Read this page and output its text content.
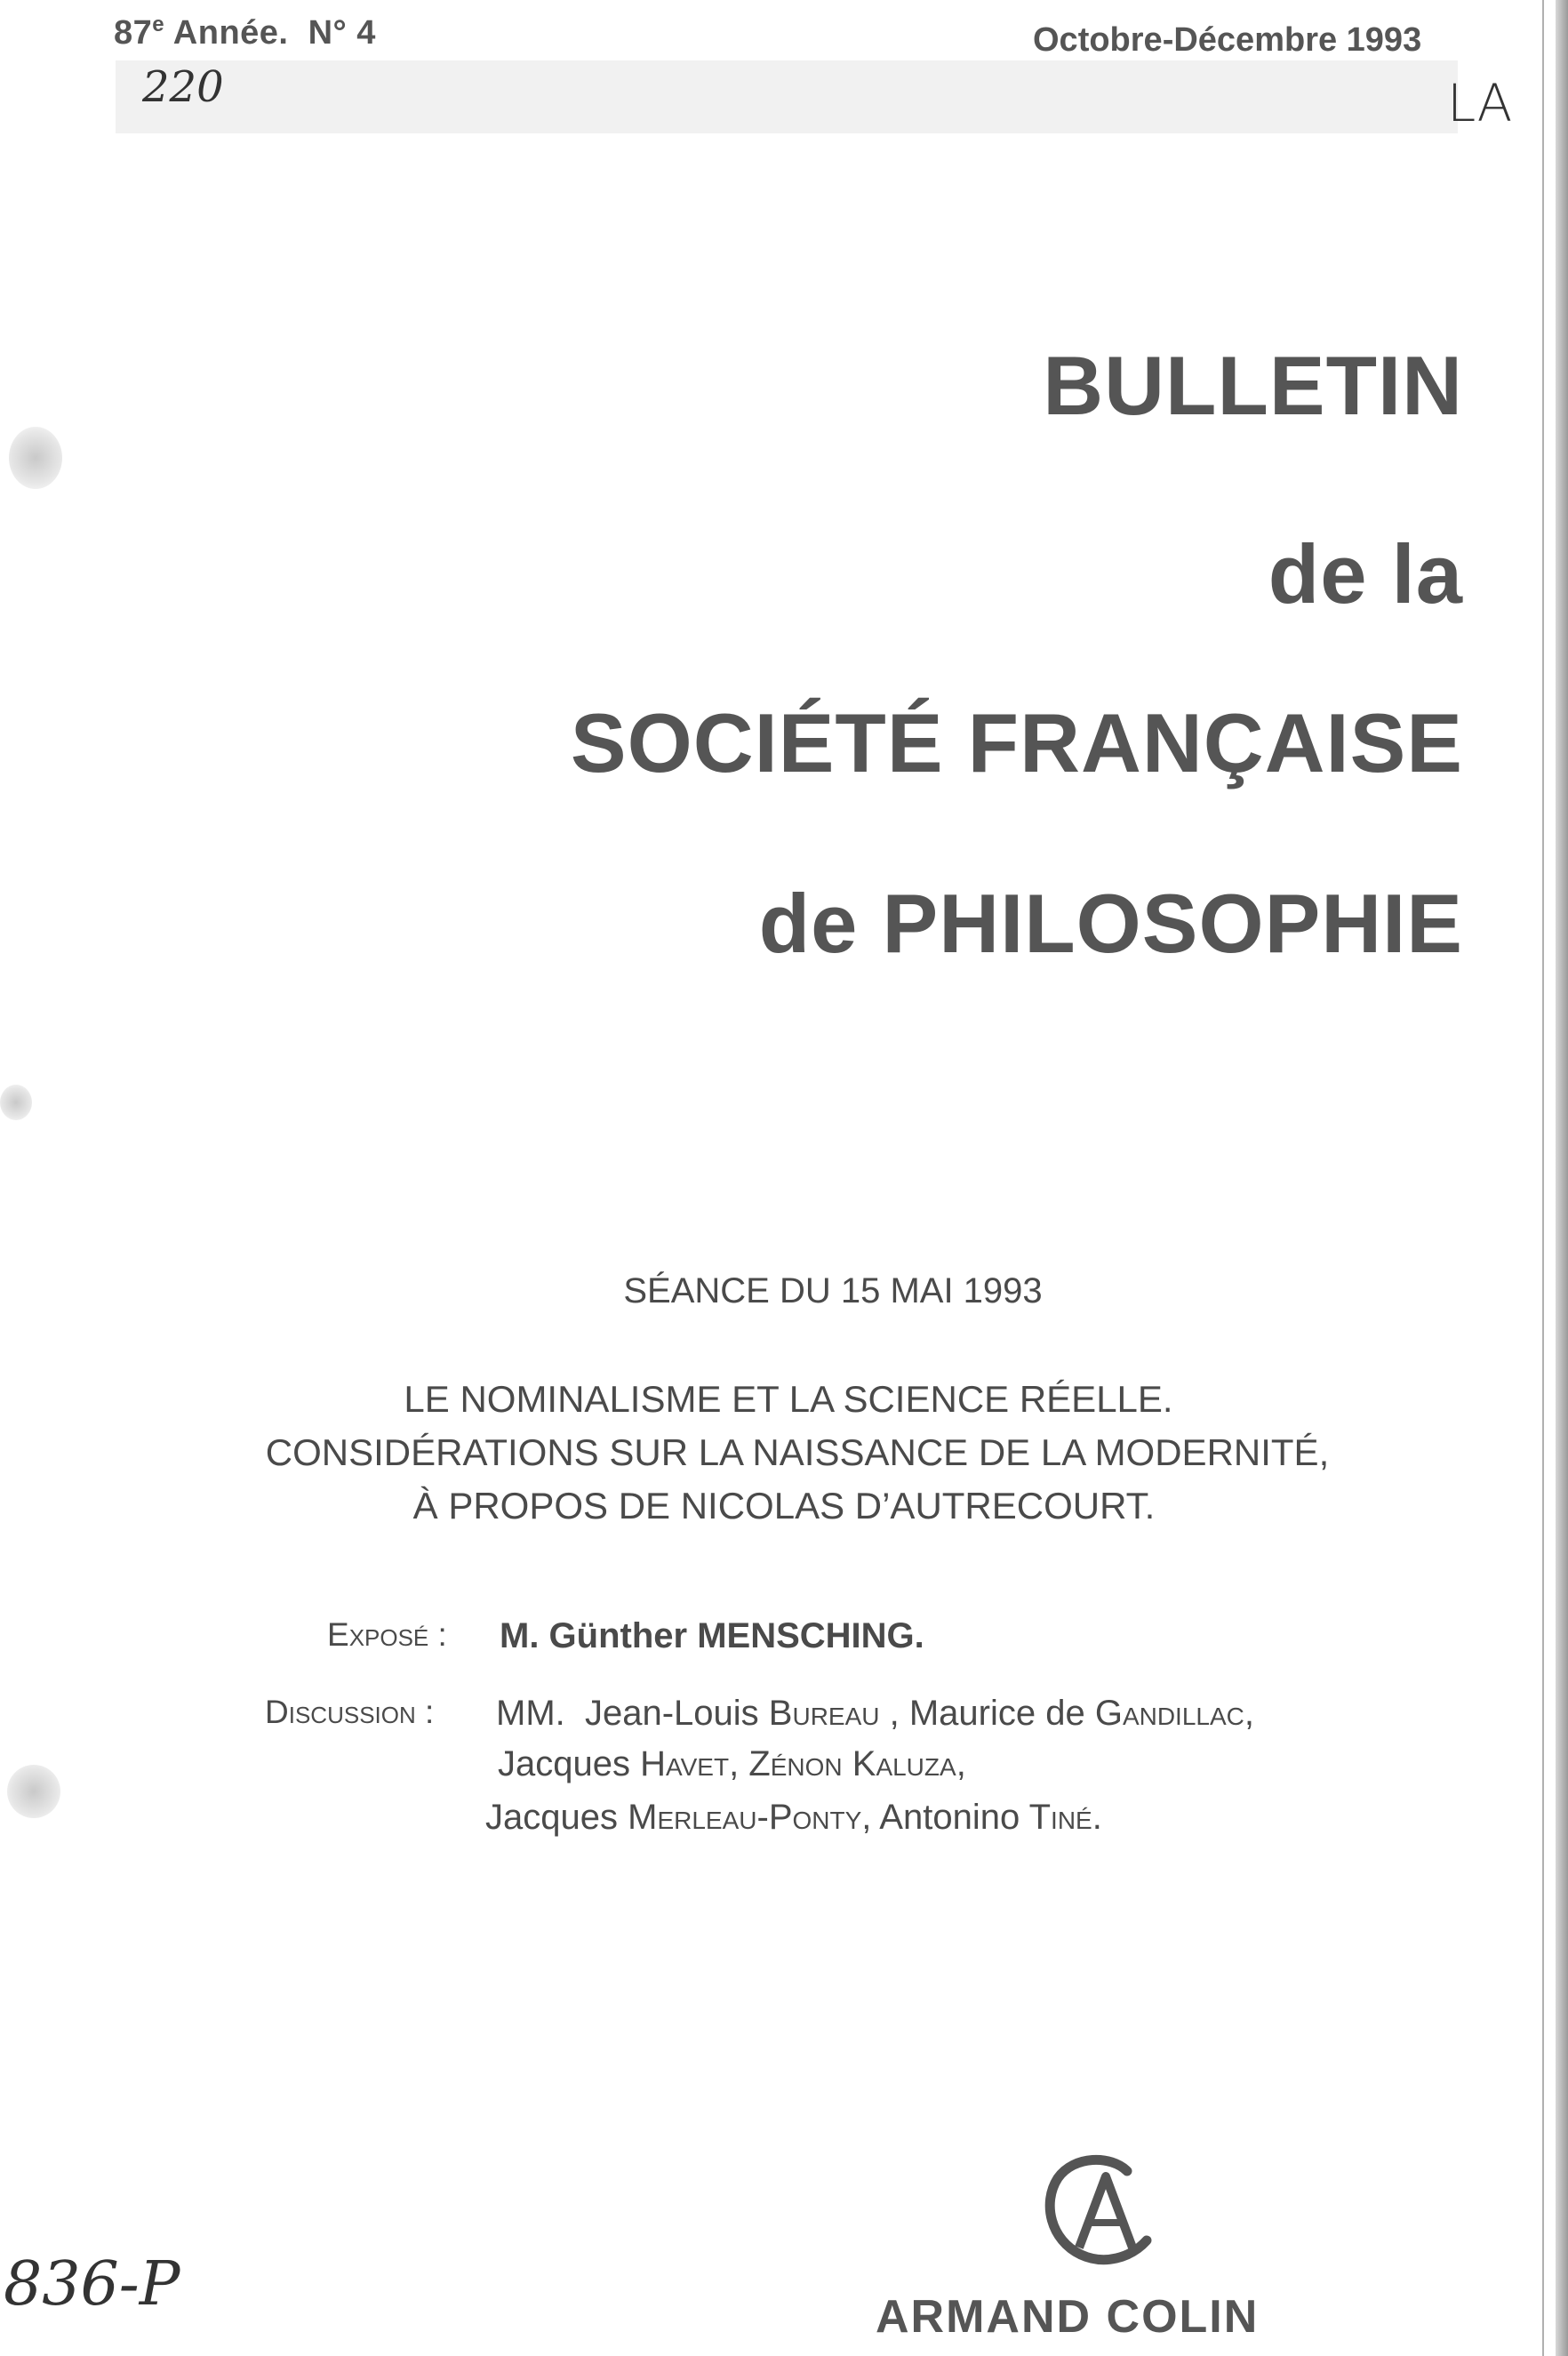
87e Année.  N° 4	Octobre-Décembre 1993
220	LA
836-P
BULLETIN
de la
SOCIÉTÉ FRANÇAISE
de PHILOSOPHIE
SÉANCE DU 15 MAI 1993
LE NOMINALISME ET LA SCIENCE RÉELLE.
CONSIDÉRATIONS SUR LA NAISSANCE DE LA MODERNITÉ,
À PROPOS DE NICOLAS D’AUTRECOURT.
Exposé : M. Günther MENSCHING.
Discussion : MM.  Jean-Louis Bureau , Maurice de Gandillac,
Jacques Havet, Zénon Kaluza,
Jacques Merleau-Ponty, Antonino Tiné.
ARMAND COLIN
